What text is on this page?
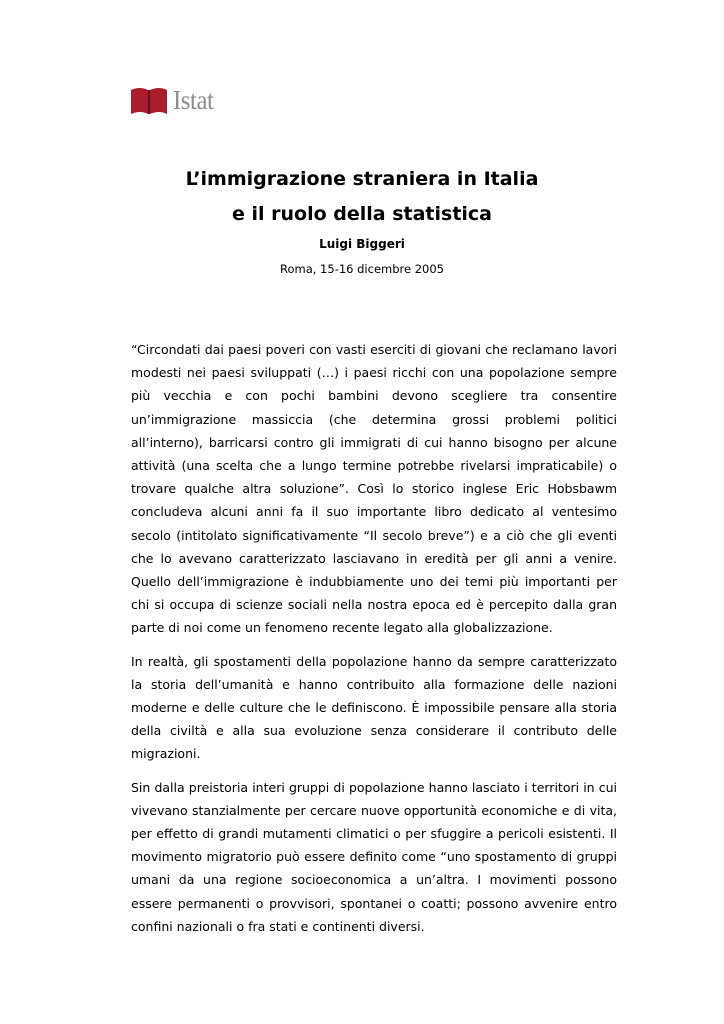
Istat
L’immigrazione straniera in Italia
e il ruolo della statistica
Luigi Biggeri
Roma, 15-16 dicembre 2005

“Circondati dai paesi poveri con vasti eserciti di giovani che reclamano lavori modesti nei paesi sviluppati (…) i paesi ricchi con una popolazione sempre più vecchia e con pochi bambini devono scegliere tra consentire un’immigrazione massiccia (che determina grossi problemi politici all’interno), barricarsi contro gli immigrati di cui hanno bisogno per alcune attività (una scelta che a lungo termine potrebbe rivelarsi impraticabile) o trovare qualche altra soluzione”. Così lo storico inglese Eric Hobsbawm concludeva alcuni anni fa il suo importante libro dedicato al ventesimo secolo (intitolato significativamente “Il secolo breve”) e a ciò che gli eventi che lo avevano caratterizzato lasciavano in eredità per gli anni a venire. Quello dell’immigrazione è indubbiamente uno dei temi più importanti per chi si occupa di scienze sociali nella nostra epoca ed è percepito dalla gran parte di noi come un fenomeno recente legato alla globalizzazione.

In realtà, gli spostamenti della popolazione hanno da sempre caratterizzato la storia dell’umanità e hanno contribuito alla formazione delle nazioni moderne e delle culture che le definiscono. È impossibile pensare alla storia della civiltà e alla sua evoluzione senza considerare il contributo delle migrazioni.

Sin dalla preistoria interi gruppi di popolazione hanno lasciato i territori in cui vivevano stanzialmente per cercare nuove opportunità economiche e di vita, per effetto di grandi mutamenti climatici o per sfuggire a pericoli esistenti. Il movimento migratorio può essere definito come “uno spostamento di gruppi umani da una regione socioeconomica a un’altra. I movimenti possono essere permanenti o provvisori, spontanei o coatti; possono avvenire entro confini nazionali o fra stati e continenti diversi.
